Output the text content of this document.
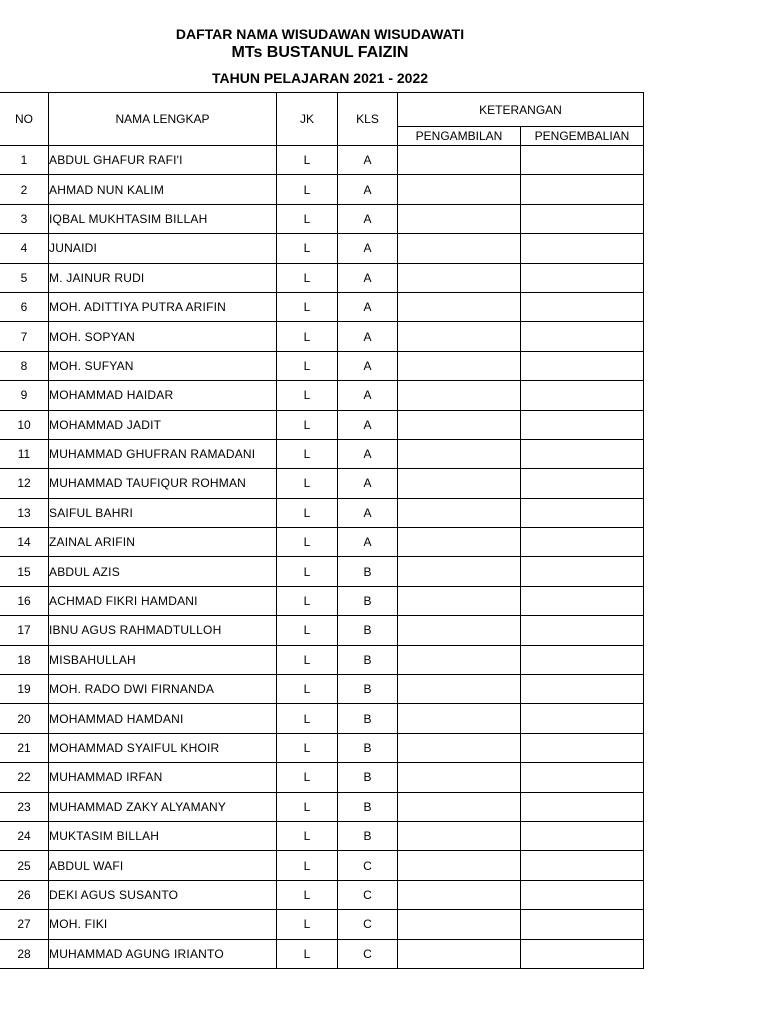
DAFTAR NAMA WISUDAWAN WISUDAWATI
MTs BUSTANUL FAIZIN
TAHUN PELAJARAN 2021 - 2022
NO	NAMA LENGKAP	JK	KLS	KETERANGAN	
				PENGAMBILAN	PENGEMBALIAN
1	ABDUL GHAFUR RAFI'I	L	A		
2	AHMAD NUN KALIM	L	A		
3	IQBAL MUKHTASIM BILLAH	L	A		
4	JUNAIDI	L	A		
5	M. JAINUR RUDI	L	A		
6	MOH. ADITTIYA PUTRA ARIFIN	L	A		
7	MOH. SOPYAN	L	A		
8	MOH. SUFYAN	L	A		
9	MOHAMMAD HAIDAR	L	A		
10	MOHAMMAD JADIT	L	A		
11	MUHAMMAD GHUFRAN RAMADANI	L	A		
12	MUHAMMAD TAUFIQUR ROHMAN	L	A		
13	SAIFUL BAHRI	L	A		
14	ZAINAL ARIFIN	L	A		
15	ABDUL AZIS	L	B		
16	ACHMAD FIKRI HAMDANI	L	B		
17	IBNU AGUS RAHMADTULLOH	L	B		
18	MISBAHULLAH	L	B		
19	MOH. RADO DWI FIRNANDA	L	B		
20	MOHAMMAD HAMDANI	L	B		
21	MOHAMMAD SYAIFUL KHOIR	L	B		
22	MUHAMMAD IRFAN	L	B		
23	MUHAMMAD ZAKY ALYAMANY	L	B		
24	MUKTASIM BILLAH	L	B		
25	ABDUL WAFI	L	C		
26	DEKI AGUS SUSANTO	L	C		
27	MOH. FIKI	L	C		
28	MUHAMMAD AGUNG IRIANTO	L	C		
